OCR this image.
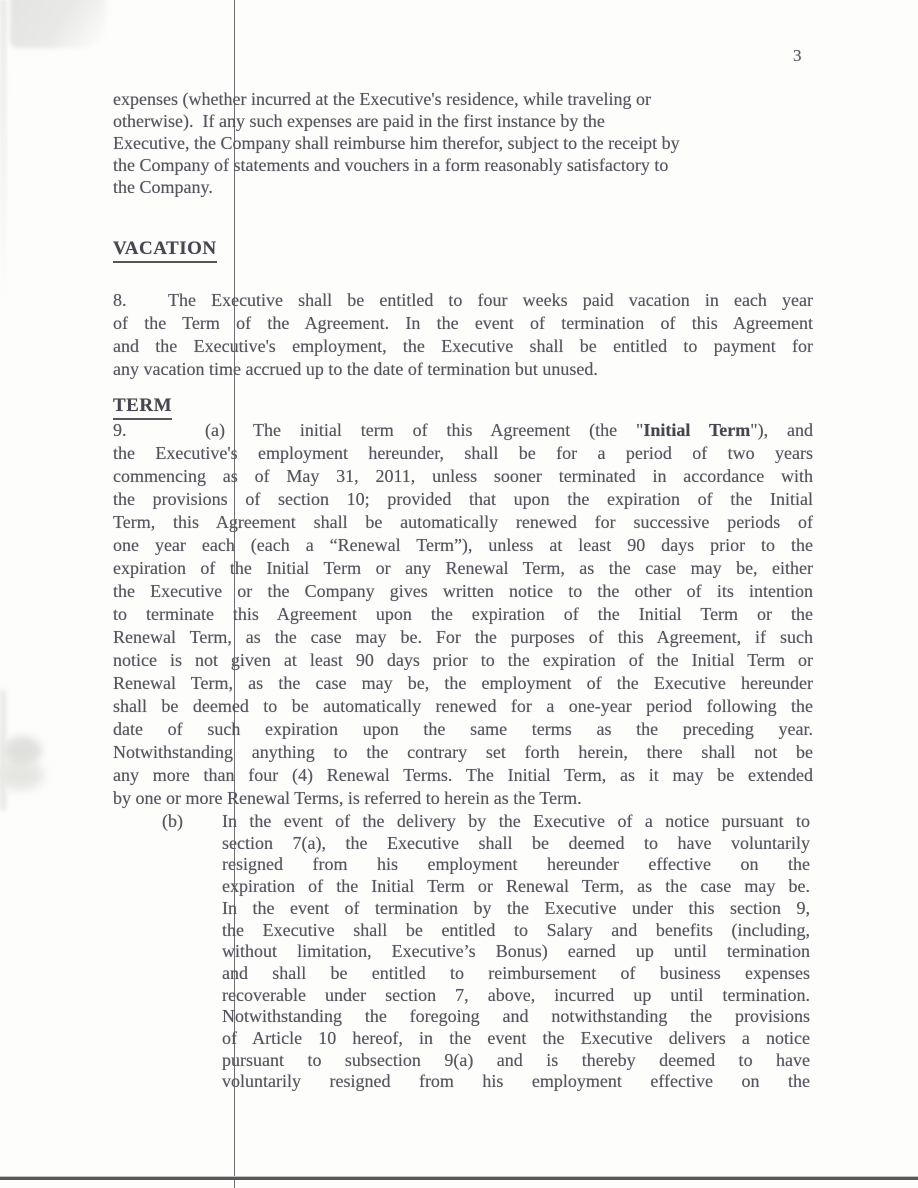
3
expenses (whether incurred at the Executive's residence, while traveling or
otherwise).  If any such expenses are paid in the first instance by the
Executive, the Company shall reimburse him therefor, subject to the receipt by
the Company of statements and vouchers in a form reasonably satisfactory to
the Company.
VACATION
8.	The Executive shall be entitled to four weeks paid vacation in each year
of the Term of the Agreement. In the event of termination of this Agreement
and the Executive's employment, the Executive shall be entitled to payment for
any vacation time accrued up to the date of termination but unused.
TERM
9.	(a)	The initial term of this Agreement (the "Initial Term"), and
the Executive's employment hereunder, shall be for a period of two years
commencing as of May 31, 2011, unless sooner terminated in accordance with
the provisions of section 10; provided that upon the expiration of the Initial
Term, this Agreement shall be automatically renewed for successive periods of
one year each (each a “Renewal Term”), unless at least 90 days prior to the
expiration of the Initial Term or any Renewal Term, as the case may be, either
the Executive or the Company gives written notice to the other of its intention
to terminate this Agreement upon the expiration of the Initial Term or the
Renewal Term, as the case may be. For the purposes of this Agreement, if such
notice is not given at least 90 days prior to the expiration of the Initial Term or
Renewal Term, as the case may be, the employment of the Executive hereunder
shall be deemed to be automatically renewed for a one-year period following the
date of such expiration upon the same terms as the preceding year.
Notwithstanding anything to the contrary set forth herein, there shall not be
any more than four (4) Renewal Terms. The Initial Term, as it may be extended
by one or more Renewal Terms, is referred to herein as the Term.
(b) In the event of the delivery by the Executive of a notice pursuant to
section 7(a), the Executive shall be deemed to have voluntarily
resigned from his employment hereunder effective on the
expiration of the Initial Term or Renewal Term, as the case may be.
In the event of termination by the Executive under this section 9,
the Executive shall be entitled to Salary and benefits (including,
without limitation, Executive’s Bonus) earned up until termination
and shall be entitled to reimbursement of business expenses
recoverable under section 7, above, incurred up until termination.
Notwithstanding the foregoing and notwithstanding the provisions
of Article 10 hereof, in the event the Executive delivers a notice
pursuant to subsection 9(a) and is thereby deemed to have
voluntarily resigned from his employment effective on the
